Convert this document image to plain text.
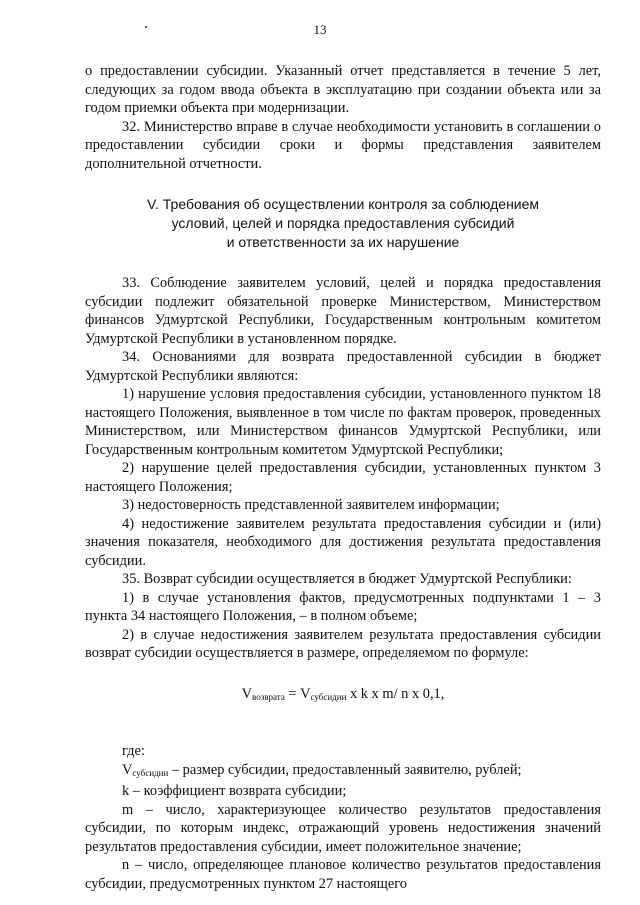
13

о предоставлении субсидии. Указанный отчет представляется в течение 5 лет, следующих за годом ввода объекта в эксплуатацию при создании объекта или за годом приемки объекта при модернизации.

32. Министерство вправе в случае необходимости установить в соглашении о предоставлении субсидии сроки и формы представления заявителем дополнительной отчетности.

V. Требования об осуществлении контроля за соблюдением
условий, целей и порядка предоставления субсидий
и ответственности за их нарушение

33. Соблюдение заявителем условий, целей и порядка предоставления субсидии подлежит обязательной проверке Министерством, Министерством финансов Удмуртской Республики, Государственным контрольным комитетом Удмуртской Республики в установленном порядке.

34. Основаниями для возврата предоставленной субсидии в бюджет Удмуртской Республики являются:

1) нарушение условия предоставления субсидии, установленного пунктом 18 настоящего Положения, выявленное в том числе по фактам проверок, проведенных Министерством, или Министерством финансов Удмуртской Республики, или Государственным контрольным комитетом Удмуртской Республики;

2) нарушение целей предоставления субсидии, установленных пунктом 3 настоящего Положения;

3) недостоверность представленной заявителем информации;

4) недостижение заявителем результата предоставления субсидии и (или) значения показателя, необходимого для достижения результата предоставления субсидии.

35. Возврат субсидии осуществляется в бюджет Удмуртской Республики:

1) в случае установления фактов, предусмотренных подпунктами 1 – 3 пункта 34 настоящего Положения, – в полном объеме;

2) в случае недостижения заявителем результата предоставления субсидии возврат субсидии осуществляется в размере, определяемом по формуле:

$V_{возврата} = V_{субсидии}$ x k x m/ n x 0,1,

где:

$V_{субсидии}$ – размер субсидии, предоставленный заявителю, рублей;

k – коэффициент возврата субсидии;

m – число, характеризующее количество результатов предоставления субсидии, по которым индекс, отражающий уровень недостижения значений результатов предоставления субсидии, имеет положительное значение;

n – число, определяющее плановое количество результатов предоставления субсидии, предусмотренных пунктом 27 настоящего
